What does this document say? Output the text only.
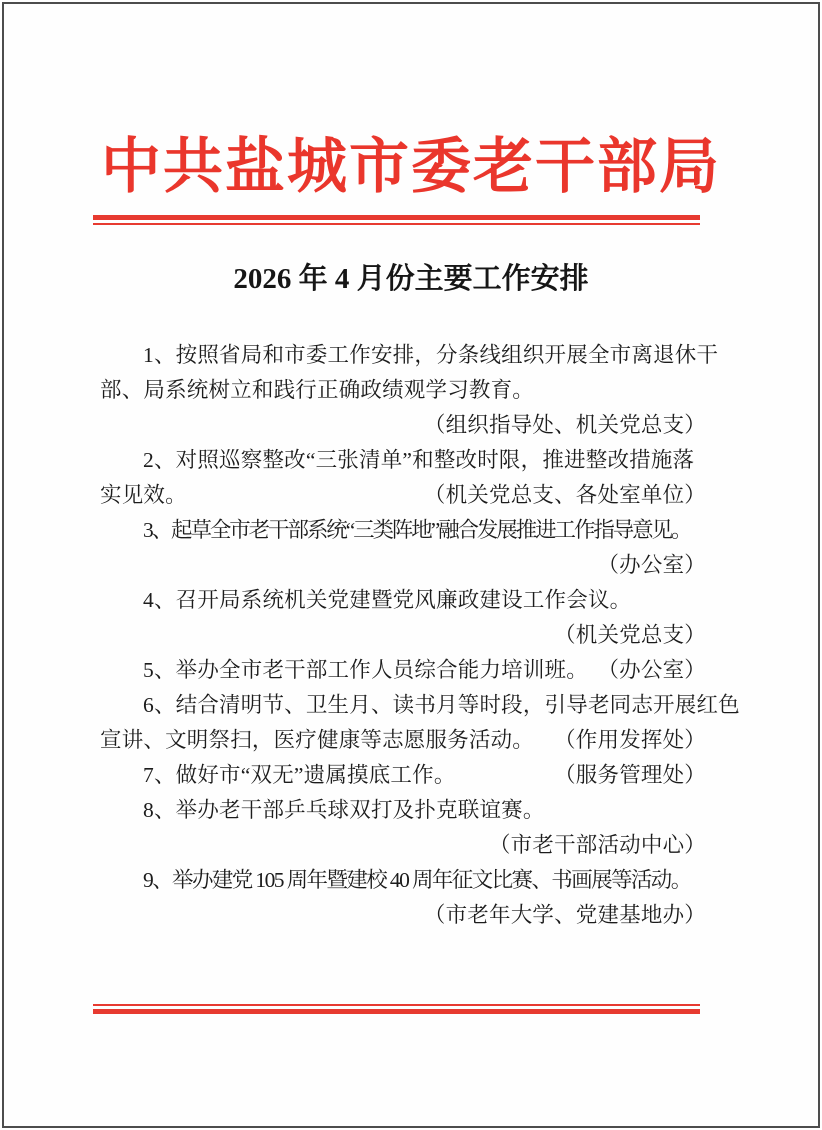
中共盐城市委老干部局
2026 年 4 月份主要工作安排
1、按照省局和市委工作安排，分条线组织开展全市离退休干
部、局系统树立和践行正确政绩观学习教育。
（组织指导处、机关党总支）
2、对照巡察整改“三张清单”和整改时限，推进整改措施落
实见效。	（机关党总支、各处室单位）
3、起草全市老干部系统“三类阵地”融合发展推进工作指导意见。
（办公室）
4、召开局系统机关党建暨党风廉政建设工作会议。
（机关党总支）
5、举办全市老干部工作人员综合能力培训班。 （办公室）
6、结合清明节、卫生月、读书月等时段，引导老同志开展红色
宣讲、文明祭扫，医疗健康等志愿服务活动。 （作用发挥处）
7、做好市“双无”遗属摸底工作。	（服务管理处）
8、举办老干部乒乓球双打及扑克联谊赛。
（市老干部活动中心）
9、举办建党 105 周年暨建校 40 周年征文比赛、书画展等活动。
（市老年大学、党建基地办）
